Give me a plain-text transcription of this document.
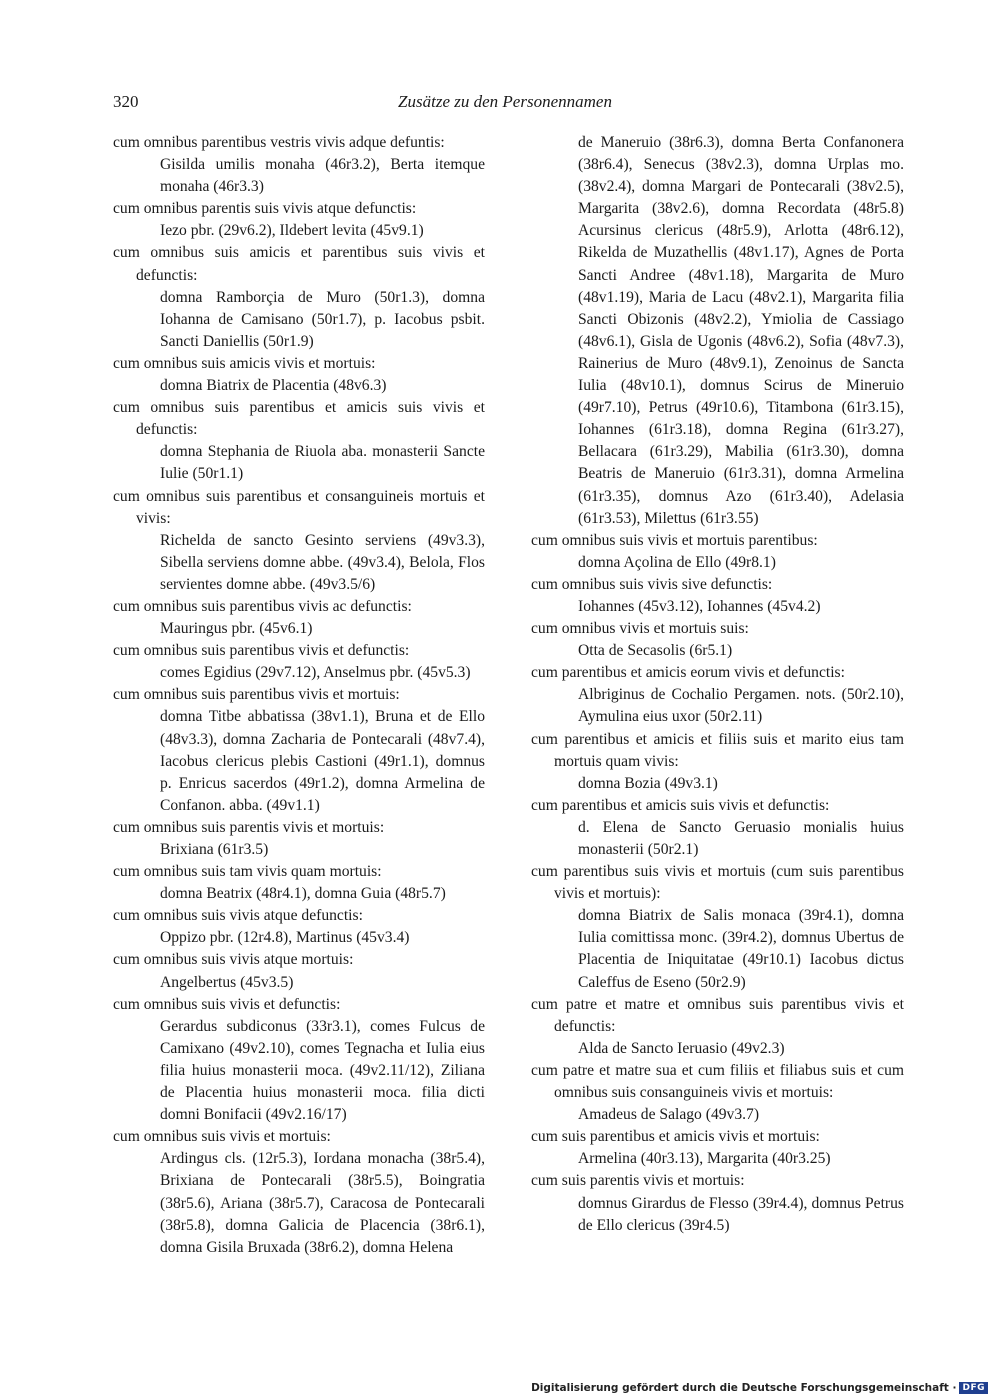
320	Zusätze zu den Personennamen
cum omnibus parentibus vestris vivis adque defuntis:
Gisilda umilis monaha (46r3.2), Berta itemque monaha (46r3.3)
cum omnibus parentis suis vivis atque defunctis:
Iezo pbr. (29v6.2), Ildebert levita (45v9.1)
cum omnibus suis amicis et parentibus suis vivis et defunctis:
domna Ramborçia de Muro (50r1.3), domna Iohanna de Camisano (50r1.7), p. Iacobus psbit. Sancti Daniellis (50r1.9)
cum omnibus suis amicis vivis et mortuis:
domna Biatrix de Placentia (48v6.3)
cum omnibus suis parentibus et amicis suis vivis et defunctis:
domna Stephania de Riuola aba. monasterii Sancte Iulie (50r1.1)
cum omnibus suis parentibus et consanguineis mortuis et vivis:
Richelda de sancto Gesinto serviens (49v3.3), Sibella serviens domne abbe. (49v3.4), Belola, Flos servientes domne abbe. (49v3.5/6)
cum omnibus suis parentibus vivis ac defunctis:
Mauringus pbr. (45v6.1)
cum omnibus suis parentibus vivis et defunctis:
comes Egidius (29v7.12), Anselmus pbr. (45v5.3)
cum omnibus suis parentibus vivis et mortuis:
domna Titbe abbatissa (38v1.1), Bruna et de Ello (48v3.3), domna Zacharia de Pontecarali (48v7.4), Iacobus clericus plebis Castioni (49r1.1), domnus p. Enricus sacerdos (49r1.2), domna Armelina de Confanon. abba. (49v1.1)
cum omnibus suis parentis vivis et mortuis:
Brixiana (61r3.5)
cum omnibus suis tam vivis quam mortuis:
domna Beatrix (48r4.1), domna Guia (48r5.7)
cum omnibus suis vivis atque defunctis:
Oppizo pbr. (12r4.8), Martinus (45v3.4)
cum omnibus suis vivis atque mortuis:
Angelbertus (45v3.5)
cum omnibus suis vivis et defunctis:
Gerardus subdiconus (33r3.1), comes Fulcus de Camixano (49v2.10), comes Tegnacha et Iulia eius filia huius monasterii moca. (49v2.11/12), Ziliana de Placentia huius monasterii moca. filia dicti domni Bonifacii (49v2.16/17)
cum omnibus suis vivis et mortuis:
Ardingus cls. (12r5.3), Iordana monacha (38r5.4), Brixiana de Pontecarali (38r5.5), Boingratia (38r5.6), Ariana (38r5.7), Caracosa de Pontecarali (38r5.8), domna Galicia de Placencia (38r6.1), domna Gisila Bruxada (38r6.2), domna Helena
de Maneruio (38r6.3), domna Berta Confanonera (38r6.4), Senecus (38v2.3), domna Urplas mo. (38v2.4), domna Margari de Pontecarali (38v2.5), Margarita (38v2.6), domna Recordata (48r5.8) Acursinus clericus (48r5.9), Arlotta (48r6.12), Rikelda de Muzathellis (48v1.17), Agnes de Porta Sancti Andree (48v1.18), Margarita de Muro (48v1.19), Maria de Lacu (48v2.1), Margarita filia Sancti Obizonis (48v2.2), Ymiolia de Cassiago (48v6.1), Gisla de Ugonis (48v6.2), Sofia (48v7.3), Rainerius de Muro (48v9.1), Zenoinus de Sancta Iulia (48v10.1), domnus Scirus de Mineruio (49r7.10), Petrus (49r10.6), Titambona (61r3.15), Iohannes (61r3.18), domna Regina (61r3.27), Bellacara (61r3.29), Mabilia (61r3.30), domna Beatris de Maneruio (61r3.31), domna Armelina (61r3.35), domnus Azo (61r3.40), Adelasia (61r3.53), Milettus (61r3.55)
cum omnibus suis vivis et mortuis parentibus:
domna Açolina de Ello (49r8.1)
cum omnibus suis vivis sive defunctis:
Iohannes (45v3.12), Iohannes (45v4.2)
cum omnibus vivis et mortuis suis:
Otta de Secasolis (6r5.1)
cum parentibus et amicis eorum vivis et defunctis:
Albriginus de Cochalio Pergamen. nots. (50r2.10), Aymulina eius uxor (50r2.11)
cum parentibus et amicis et filiis suis et marito eius tam mortuis quam vivis:
domna Bozia (49v3.1)
cum parentibus et amicis suis vivis et defunctis:
d. Elena de Sancto Geruasio monialis huius monasterii (50r2.1)
cum parentibus suis vivis et mortuis (cum suis parentibus vivis et mortuis):
domna Biatrix de Salis monaca (39r4.1), domna Iulia comittissa monc. (39r4.2), domnus Ubertus de Placentia de Iniquitatae (49r10.1) Iacobus dictus Caleffus de Eseno (50r2.9)
cum patre et matre et omnibus suis parentibus vivis et defunctis:
Alda de Sancto Ieruasio (49v2.3)
cum patre et matre sua et cum filiis et filiabus suis et cum omnibus suis consanguineis vivis et mortuis:
Amadeus de Salago (49v3.7)
cum suis parentibus et amicis vivis et mortuis:
Armelina (40r3.13), Margarita (40r3.25)
cum suis parentis vivis et mortuis:
domnus Girardus de Flesso (39r4.4), domnus Petrus de Ello clericus (39r4.5)
Digitalisierung gefördert durch die Deutsche Forschungsgemeinschaft · DFG
